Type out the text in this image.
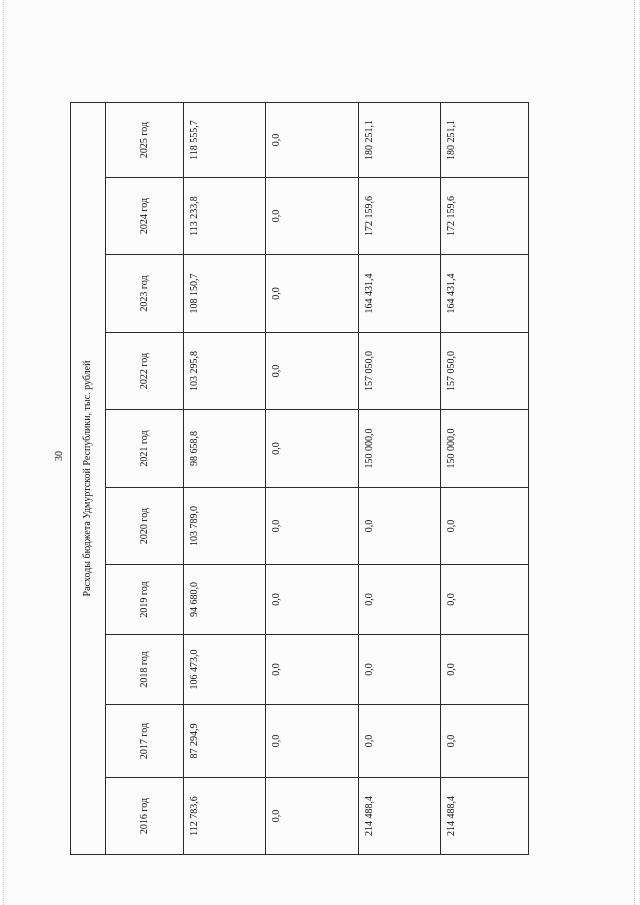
30 Расходы бюджета Удмуртской Республики, тыс. рублей									
2016 год	2017 год	2018 год	2019 год	2020 год	2021 год	2022 год	2023 год	2024 год	2025 год
112 783,6	87 294,9	106 473,0	94 680,0	103 789,0	98 658,8	103 295,8	108 150,7	113 233,8	118 555,7
0,0	0,0	0,0	0,0	0,0	0,0	0,0	0,0	0,0	0,0
214 488,4	0,0	0,0	0,0	0,0	150 000,0	157 050,0	164 431,4	172 159,6	180 251,1
214 488,4	0,0	0,0	0,0	0,0	150 000,0	157 050,0	164 431,4	172 159,6	180 251,1
